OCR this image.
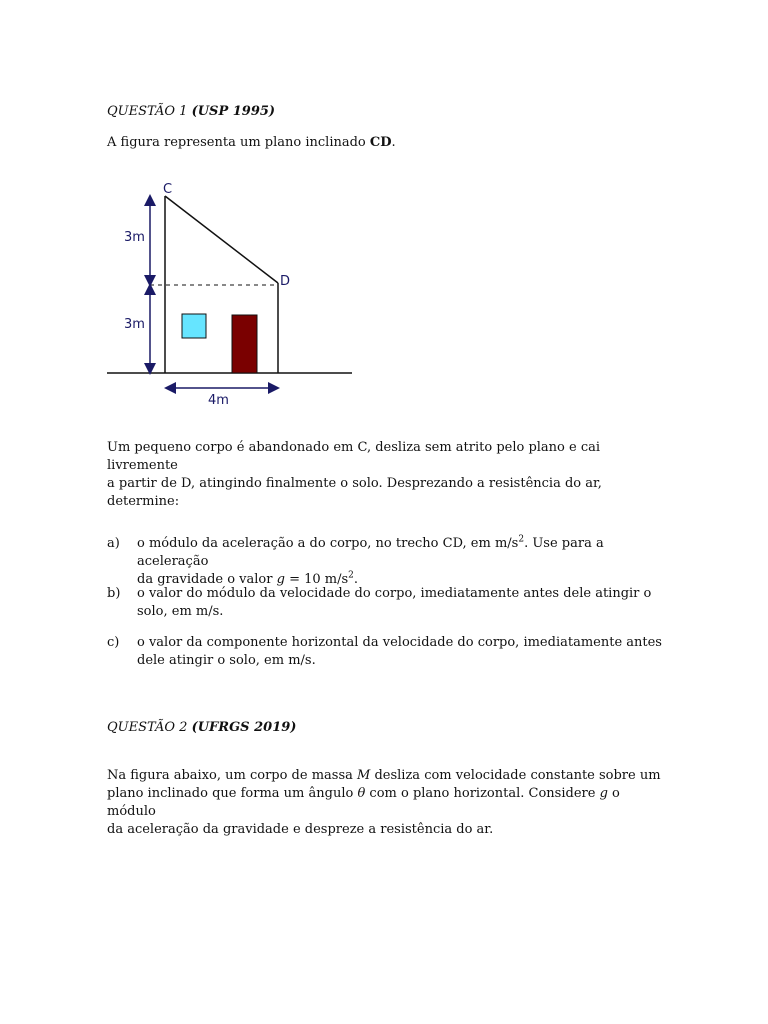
QUESTÃO 1 (USP 1995)
A figura representa um plano inclinado CD.
C
D
3m
3m
4m
Um pequeno corpo é abandonado em C, desliza sem atrito pelo plano e cai livremente
a partir de D, atingindo finalmente o solo. Desprezando a resistência do ar, determine:
a) o módulo da aceleração a do corpo, no trecho CD, em $m/s^2$. Use para a aceleração
da gravidade o valor g = 10 $m/s^2$.
b) o valor do módulo da velocidade do corpo, imediatamente antes dele atingir o
solo, em m/s.
c) o valor da componente horizontal da velocidade do corpo, imediatamente antes
dele atingir o solo, em m/s.
QUESTÃO 2 (UFRGS 2019)
Na figura abaixo, um corpo de massa M desliza com velocidade constante sobre um
plano inclinado que forma um ângulo θ com o plano horizontal. Considere g o módulo
da aceleração da gravidade e despreze a resistência do ar.
